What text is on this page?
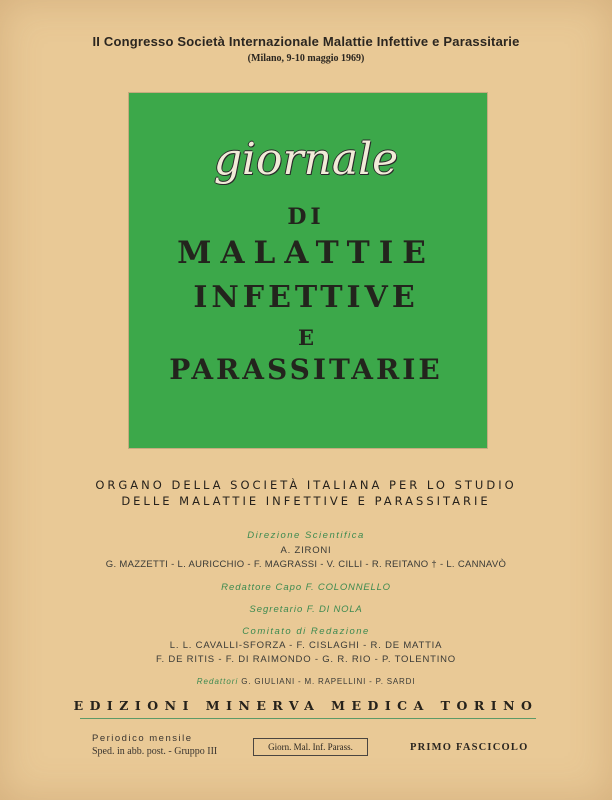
II Congresso Società Internazionale Malattie Infettive e Parassitarie
(Milano, 9-10 maggio 1969)
giornale
DI
MALATTIE
INFETTIVE
E
PARASSITARIE
ORGANO DELLA SOCIETÀ ITALIANA PER LO STUDIO
DELLE MALATTIE INFETTIVE E PARASSITARIE
Direzione Scientifica
A. ZIRONI
G. MAZZETTI - L. AURICCHIO - F. MAGRASSI - V. CILLI - R. REITANO † - L. CANNAVÒ
Redattore Capo F. COLONNELLO
Segretario F. DI NOLA
Comitato di Redazione
L. L. CAVALLI-SFORZA - F. CISLAGHI - R. DE MATTIA
F. DE RITIS - F. DI RAIMONDO - G. R. RIO - P. TOLENTINO
Redattori G. GIULIANI - M. RAPELLINI - P. SARDI
EDIZIONI MINERVA MEDICA TORINO
Periodico mensile
Sped. in abb. post. - Gruppo III	Giorn. Mal. Inf. Parass.	PRIMO FASCICOLO
